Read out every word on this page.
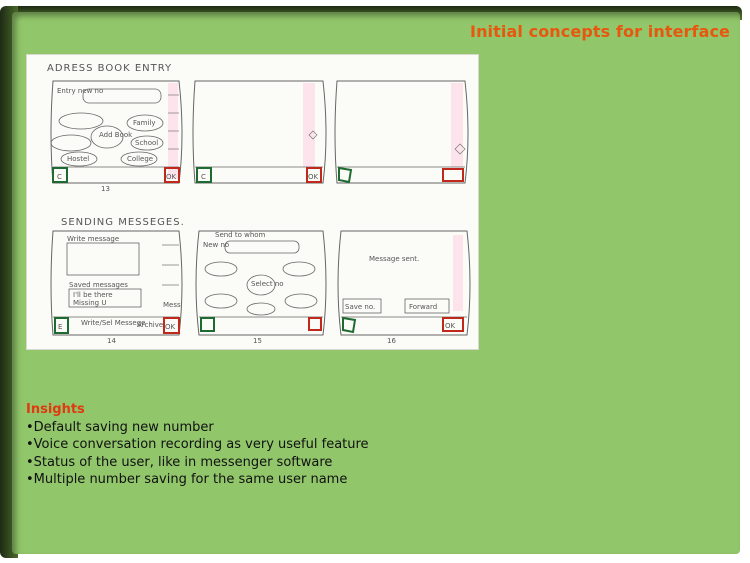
Initial concepts for interface
ADRESS BOOK ENTRY
SENDING MESSEGES.
Entry new no
Add Book
Family
School
Hostel	College
C	OK
13
C	OK
Write message
Saved messages
I'll be there
Missing U	Mess
E	Write/Sel Messege
Archive OK
14
Send to whom
New no
Select no
15
Message sent.
Save no.	Forward
OK
16
Insights
• Default saving new number
• Voice conversation recording as very useful feature
• Status of the user, like in messenger software
• Multiple number saving for the same user name
